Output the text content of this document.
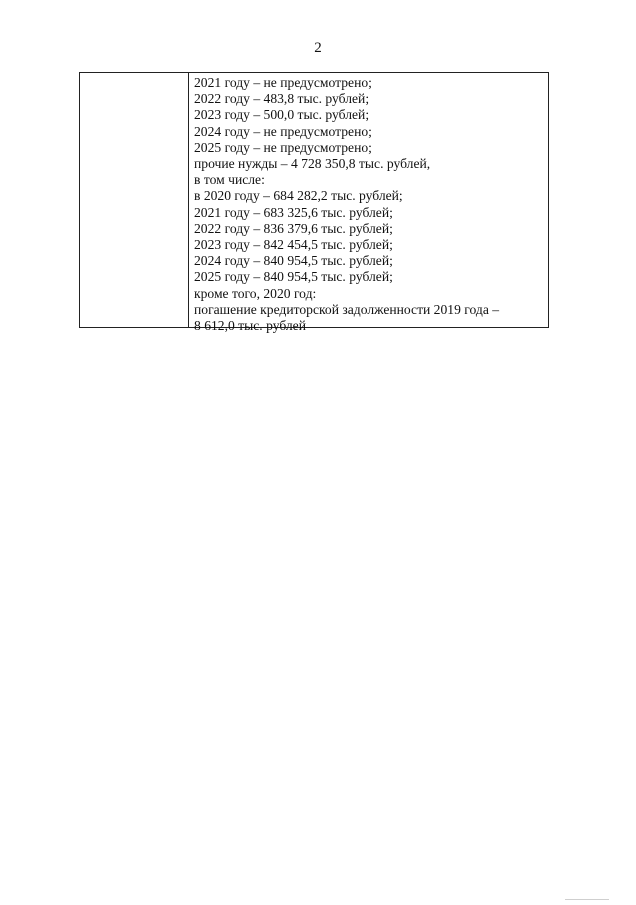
2
2021 году – не предусмотрено;
2022 году – 483,8 тыс. рублей;
2023 году – 500,0 тыс. рублей;
2024 году – не предусмотрено;
2025 году – не предусмотрено;
прочие нужды – 4 728 350,8 тыс. рублей,
в том числе:
в 2020 году – 684 282,2 тыс. рублей;
2021 году – 683 325,6 тыс. рублей;
2022 году – 836 379,6 тыс. рублей;
2023 году – 842 454,5 тыс. рублей;
2024 году – 840 954,5 тыс. рублей;
2025 году – 840 954,5 тыс. рублей;
кроме того, 2020 год:
погашение кредиторской задолженности 2019 года –
8 612,0 тыс. рублей
